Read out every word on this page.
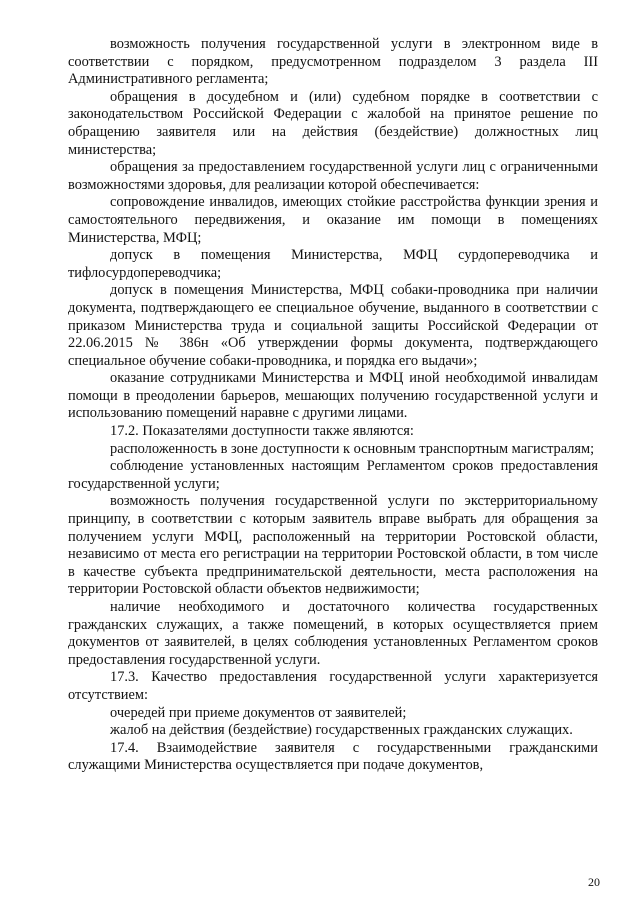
возможность получения государственной услуги в электронном виде в соответствии с порядком, предусмотренном подразделом 3 раздела III Административного регламента;

обращения в досудебном и (или) судебном порядке в соответствии с законодательством Российской Федерации с жалобой на принятое решение по обращению заявителя или на действия (бездействие) должностных лиц министерства;

обращения за предоставлением государственной услуги лиц с ограниченными возможностями здоровья, для реализации которой обеспечивается:

сопровождение инвалидов, имеющих стойкие расстройства функции зрения и самостоятельного передвижения, и оказание им помощи в помещениях Министерства, МФЦ;

допуск в помещения Министерства, МФЦ сурдопереводчика и тифлосурдопереводчика;

допуск в помещения Министерства, МФЦ собаки-проводника при наличии документа, подтверждающего ее специальное обучение, выданного в соответствии с приказом Министерства труда и социальной защиты Российской Федерации от 22.06.2015 № 386н «Об утверждении формы документа, подтверждающего специальное обучение собаки-проводника, и порядка его выдачи»;

оказание сотрудниками Министерства и МФЦ иной необходимой инвалидам помощи в преодолении барьеров, мешающих получению государственной услуги и использованию помещений наравне с другими лицами.

17.2. Показателями доступности также являются:

расположенность в зоне доступности к основным транспортным магистралям;

соблюдение установленных настоящим Регламентом сроков предоставления государственной услуги;

возможность получения государственной услуги по экстерриториальному принципу, в соответствии с которым заявитель вправе выбрать для обращения за получением услуги МФЦ, расположенный на территории Ростовской области, независимо от места его регистрации на территории Ростовской области, в том числе в качестве субъекта предпринимательской деятельности, места расположения на территории Ростовской области объектов недвижимости;

наличие необходимого и достаточного количества государственных гражданских служащих, а также помещений, в которых осуществляется прием документов от заявителей, в целях соблюдения установленных Регламентом сроков предоставления государственной услуги.

17.3. Качество предоставления государственной услуги характеризуется отсутствием:

очередей при приеме документов от заявителей;

жалоб на действия (бездействие) государственных гражданских служащих.

17.4. Взаимодействие заявителя с государственными гражданскими служащими Министерства осуществляется при подаче документов,

20
